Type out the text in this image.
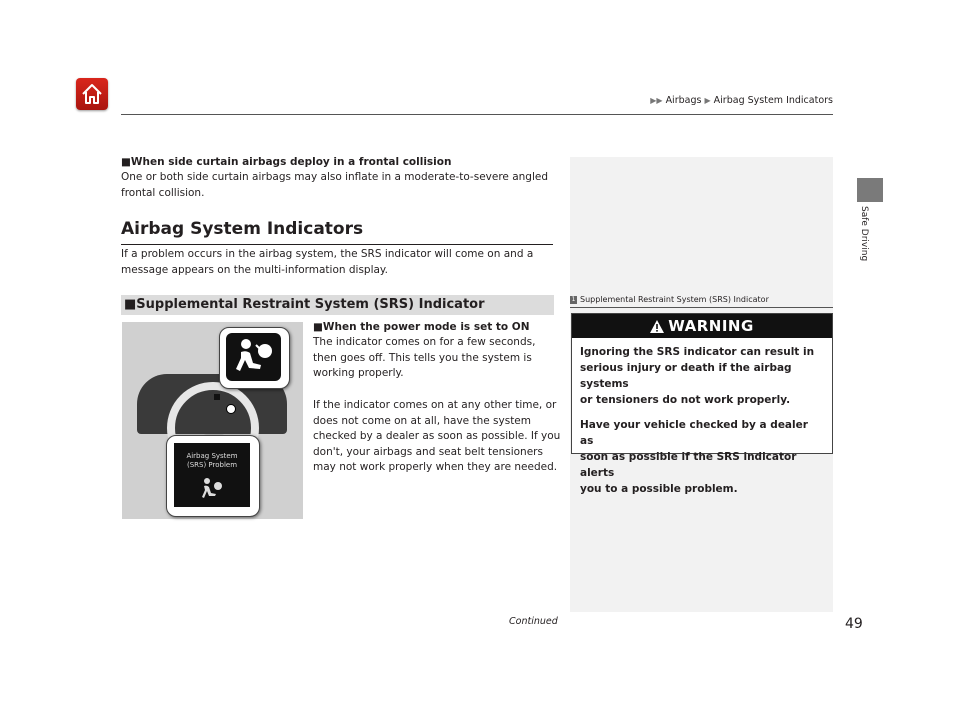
▶▶ Airbags ▶ Airbag System Indicators
Safe Driving
■When side curtain airbags deploy in a frontal collision
One or both side curtain airbags may also inflate in a moderate-to-severe angled
frontal collision.
Airbag System Indicators
If a problem occurs in the airbag system, the SRS indicator will come on and a
message appears on the multi-information display.
■Supplemental Restraint System (SRS) Indicator
Airbag System
(SRS) Problem
■When the power mode is set to ON
The indicator comes on for a few seconds,
then goes off. This tells you the system is
working properly.
If the indicator comes on at any other time, or
does not come on at all, have the system
checked by a dealer as soon as possible. If you
don't, your airbags and seat belt tensioners
may not work properly when they are needed.
1 Supplemental Restraint System (SRS) Indicator
WARNING

Ignoring the SRS indicator can result in
serious injury or death if the airbag systems
or tensioners do not work properly.

Have your vehicle checked by a dealer as
soon as possible if the SRS indicator alerts
you to a possible problem.

Continued	49
